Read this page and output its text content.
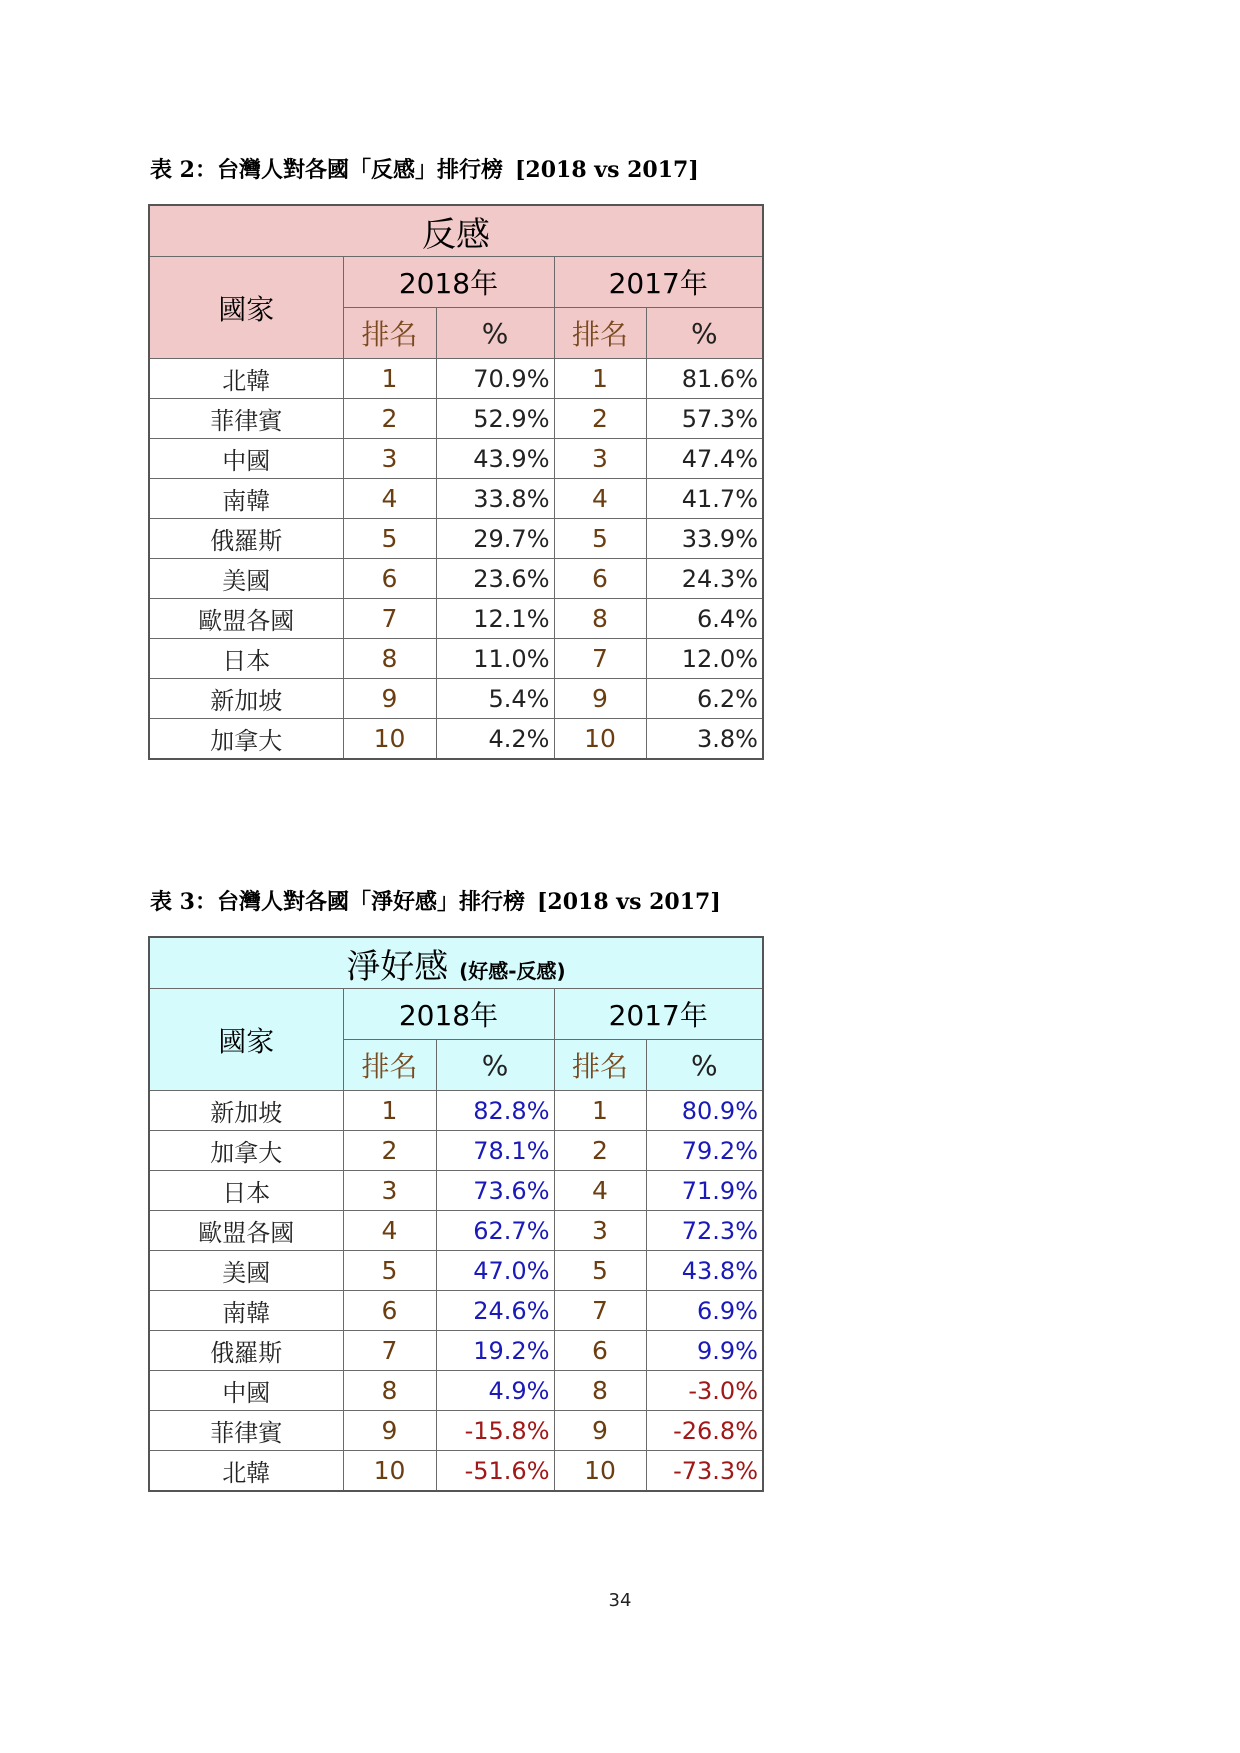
表 2：台灣人對各國「反感」排行榜 [2018 vs 2017]
反感				
國家	2018年		2017年	
	排名	%	排名	%
北韓	1	70.9%	1	81.6%
菲律賓	2	52.9%	2	57.3%
中國	3	43.9%	3	47.4%
南韓	4	33.8%	4	41.7%
俄羅斯	5	29.7%	5	33.9%
美國	6	23.6%	6	24.3%
歐盟各國	7	12.1%	8	6.4%
日本	8	11.0%	7	12.0%
新加坡	9	5.4%	9	6.2%
加拿大	10	4.2%	10	3.8%
表 3：台灣人對各國「淨好感」排行榜 [2018 vs 2017]
淨好感 (好感-反感)				
國家	2018年		2017年	
	排名	%	排名	%
新加坡	1	82.8%	1	80.9%
加拿大	2	78.1%	2	79.2%
日本	3	73.6%	4	71.9%
歐盟各國	4	62.7%	3	72.3%
美國	5	47.0%	5	43.8%
南韓	6	24.6%	7	6.9%
俄羅斯	7	19.2%	6	9.9%
中國	8	4.9%	8	-3.0%
菲律賓	9	-15.8%	9	-26.8%
北韓	10	-51.6%	10	-73.3%
34
